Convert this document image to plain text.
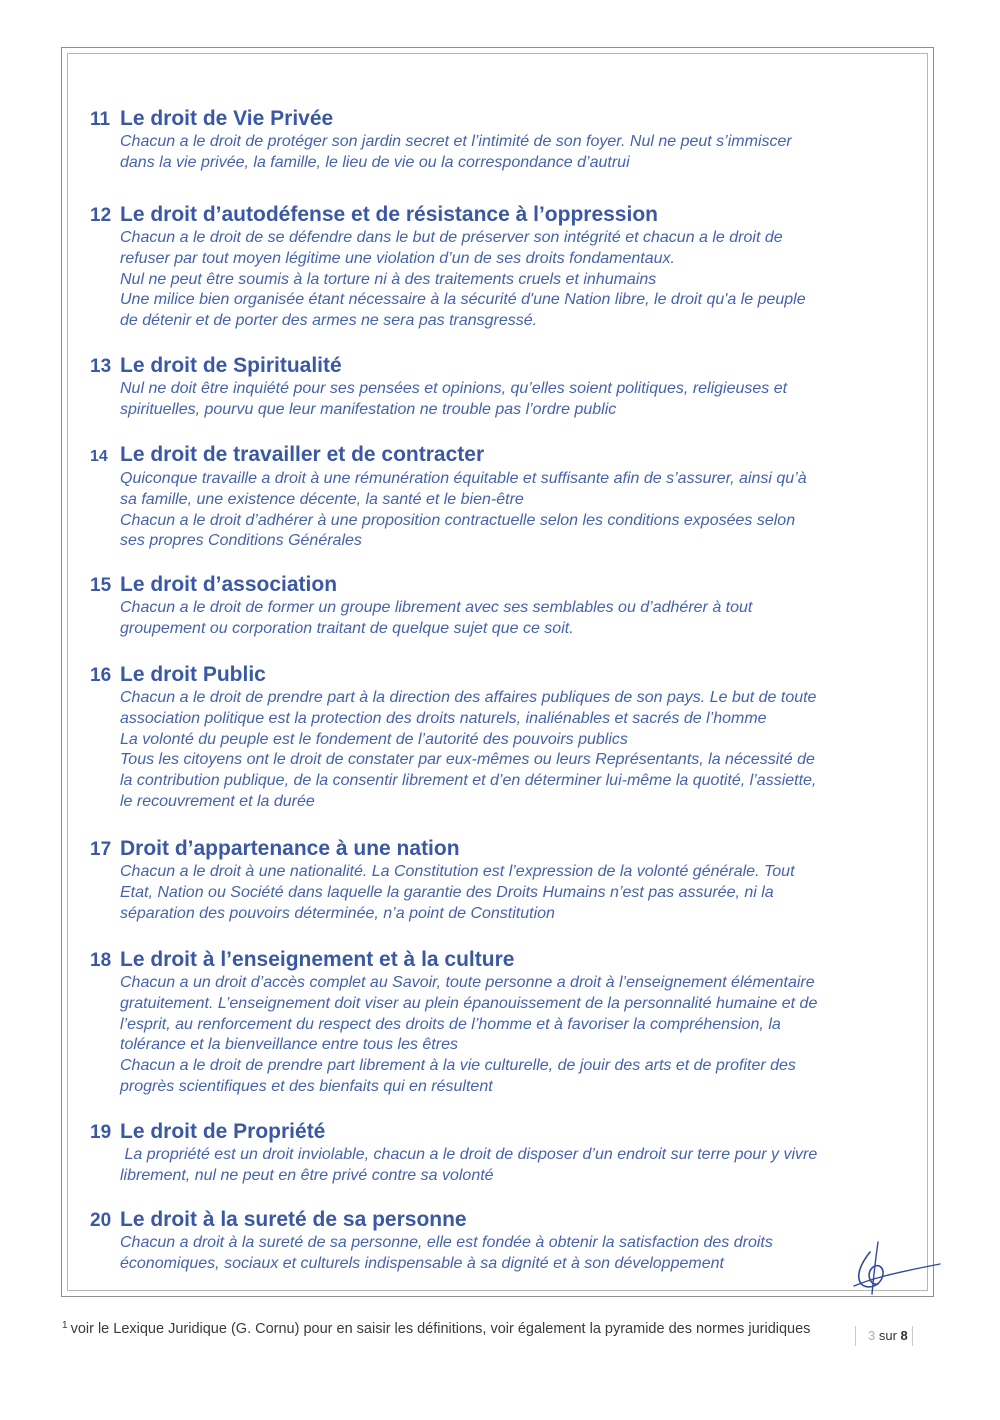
11 Le droit de Vie Privée

Chacun a le droit de protéger son jardin secret et l’intimité de son foyer. Nul ne peut s’immiscer

dans la vie privée, la famille, le lieu de vie ou la correspondance d’autrui

12 Le droit d’autodéfense et de résistance à l’oppression

Chacun a le droit de se défendre dans le but de préserver son intégrité et chacun a le droit de

refuser par tout moyen légitime une violation d’un de ses droits fondamentaux.

Nul ne peut être soumis à la torture ni à des traitements cruels et inhumains

Une milice bien organisée étant nécessaire à la sécurité d'une Nation libre, le droit qu'a le peuple

de détenir et de porter des armes ne sera pas transgressé.

13 Le droit de Spiritualité

Nul ne doit être inquiété pour ses pensées et opinions, qu’elles soient politiques, religieuses et

spirituelles, pourvu que leur manifestation ne trouble pas l’ordre public

14 Le droit de travailler et de contracter

Quiconque travaille a droit à une rémunération équitable et suffisante afin de s’assurer, ainsi qu’à

sa famille, une existence décente, la santé et le bien-être

Chacun a le droit d’adhérer à une proposition contractuelle selon les conditions exposées selon

ses propres Conditions Générales

15 Le droit d’association

Chacun a le droit de former un groupe librement avec ses semblables ou d’adhérer à tout

groupement ou corporation traitant de quelque sujet que ce soit.

16 Le droit Public

Chacun a le droit de prendre part à la direction des affaires publiques de son pays. Le but de toute

association politique est la protection des droits naturels, inaliénables et sacrés de l’homme

La volonté du peuple est le fondement de l’autorité des pouvoirs publics

Tous les citoyens ont le droit de constater par eux-mêmes ou leurs Représentants, la nécessité de

la contribution publique, de la consentir librement et d’en déterminer lui-même la quotité, l’assiette,

le recouvrement et la durée

17 Droit d’appartenance à une nation

Chacun a le droit à une nationalité. La Constitution est l’expression de la volonté générale. Tout

Etat, Nation ou Société dans laquelle la garantie des Droits Humains n’est pas assurée, ni la

séparation des pouvoirs déterminée, n’a point de Constitution

18 Le droit à l’enseignement et à la culture

Chacun a un droit d’accès complet au Savoir, toute personne a droit à l’enseignement élémentaire

gratuitement. L’enseignement doit viser au plein épanouissement de la personnalité humaine et de

l’esprit, au renforcement du respect des droits de l’homme et à favoriser la compréhension, la

tolérance et la bienveillance entre tous les êtres

Chacun a le droit de prendre part librement à la vie culturelle, de jouir des arts et de profiter des

progrès scientifiques et des bienfaits qui en résultent

19 Le droit de Propriété

La propriété est un droit inviolable, chacun a le droit de disposer d’un endroit sur terre pour y vivre

librement, nul ne peut en être privé contre sa volonté

20 Le droit à la sureté de sa personne

Chacun a droit à la sureté de sa personne, elle est fondée à obtenir la satisfaction des droits

économiques, sociaux et culturels indispensable à sa dignité et à son développement

$^1$ voir le Lexique Juridique (G. Cornu) pour en saisir les définitions, voir également la pyramide des normes juridiques	3 sur 8
